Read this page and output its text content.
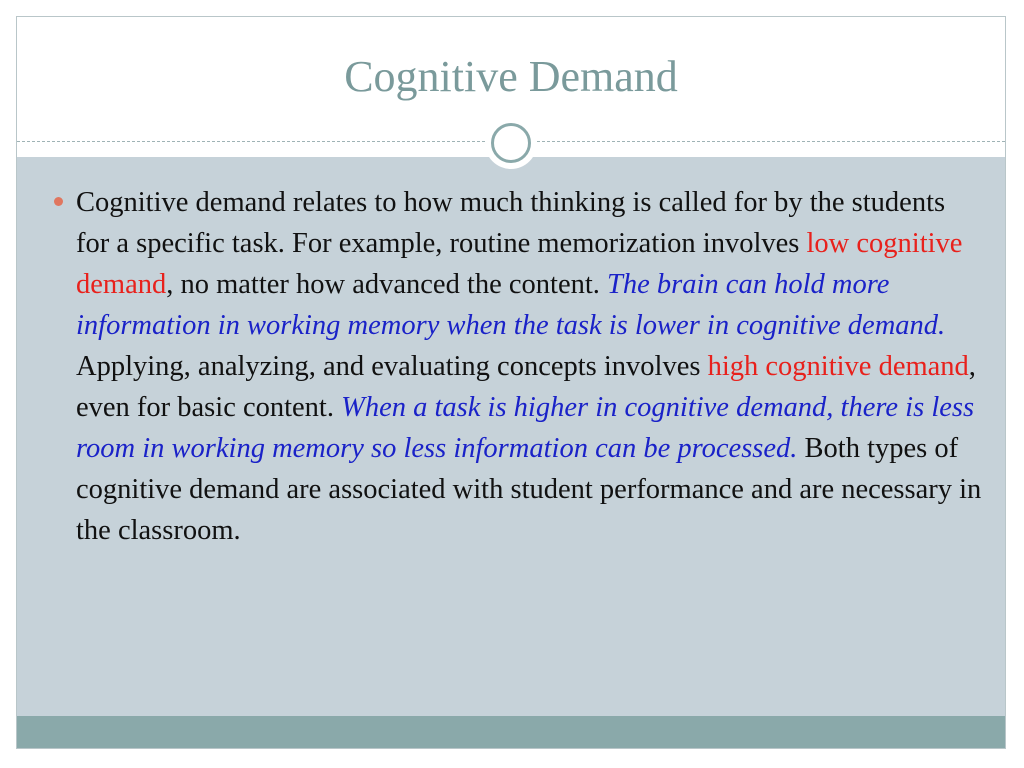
Cognitive Demand

Cognitive demand relates to how much thinking is called for by the students for a specific task. For example, routine memorization involves low cognitive demand, no matter how advanced the content. The brain can hold more information in working memory when the task is lower in cognitive demand. Applying, analyzing, and evaluating concepts involves high cognitive demand, even for basic content. When a task is higher in cognitive demand, there is less room in working memory so less information can be processed. Both types of cognitive demand are associated with student performance and are necessary in the classroom.
